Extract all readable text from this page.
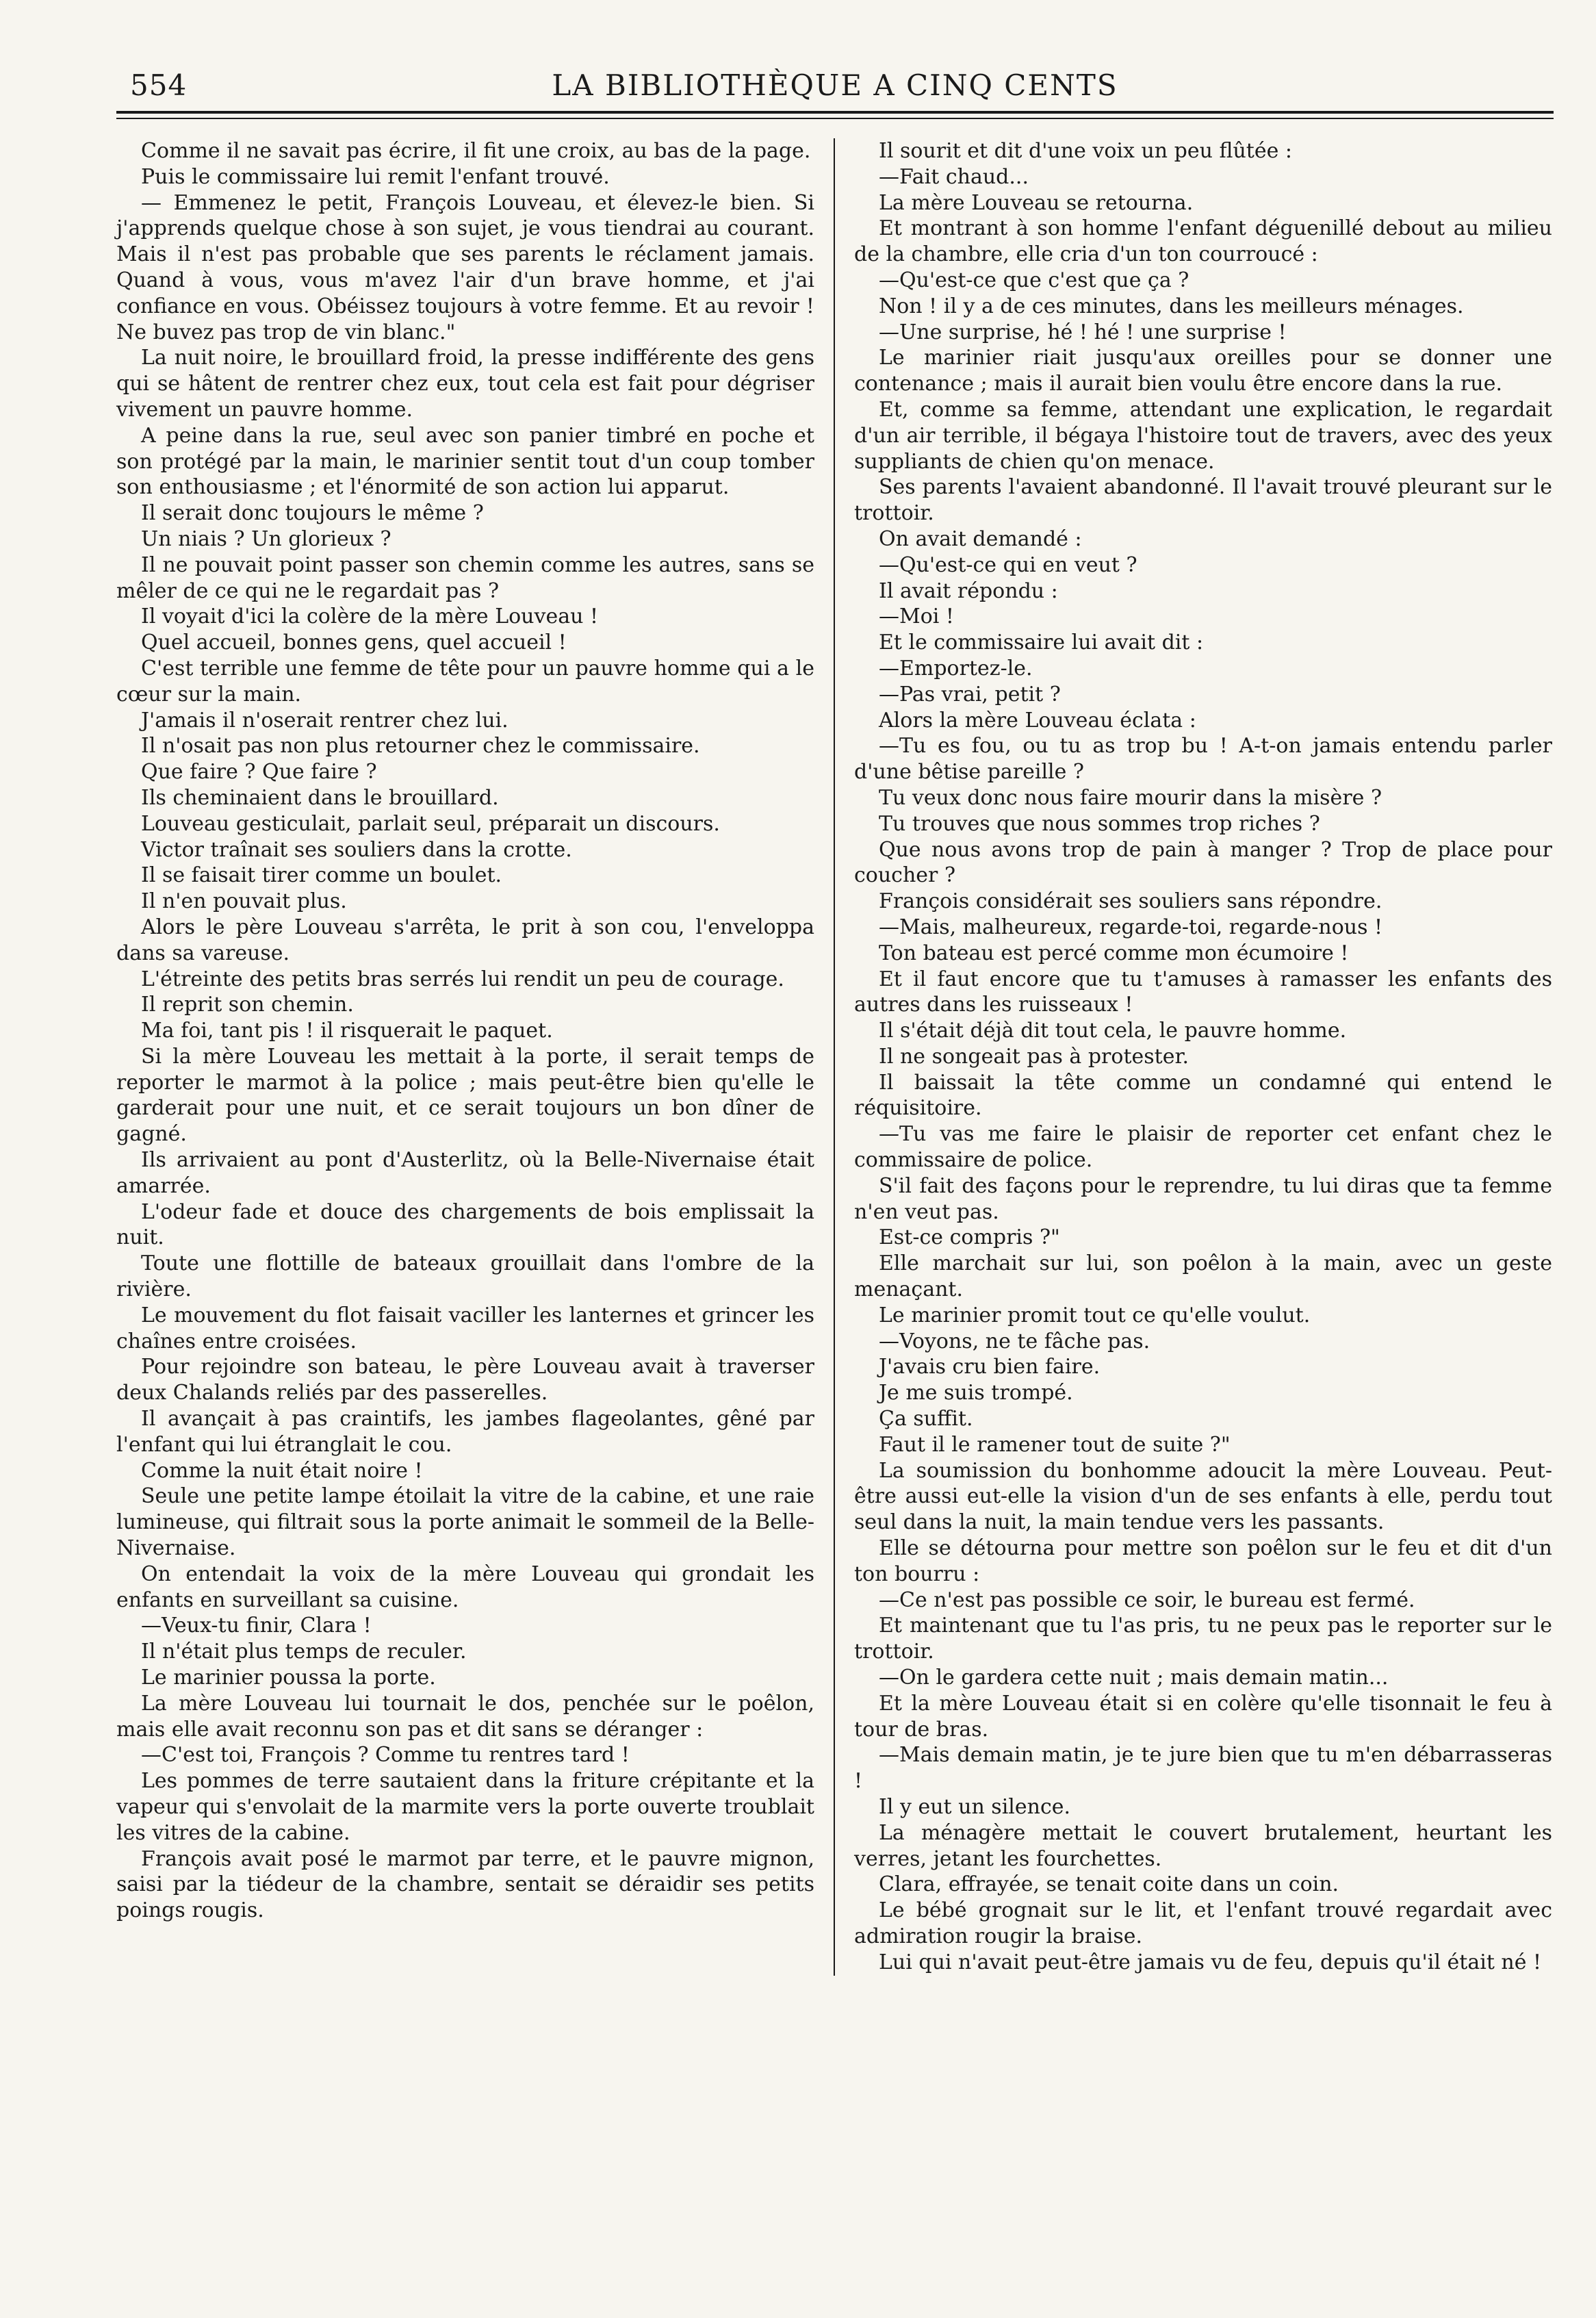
554	LA BIBLIOTHÈQUE A CINQ CENTS

Comme il ne savait pas écrire, il fit une croix, au bas de la page.

Puis le commissaire lui remit l'enfant trouvé.

— Emmenez le petit, François Louveau, et élevez-le bien. Si j'apprends quelque chose à son sujet, je vous tiendrai au courant. Mais il n'est pas probable que ses parents le réclament jamais. Quand à vous, vous m'avez l'air d'un brave homme, et j'ai confiance en vous. Obéissez toujours à votre femme. Et au revoir ! Ne buvez pas trop de vin blanc."

La nuit noire, le brouillard froid, la presse indifférente des gens qui se hâtent de rentrer chez eux, tout cela est fait pour dégriser vivement un pauvre homme.

A peine dans la rue, seul avec son panier timbré en poche et son protégé par la main, le marinier sentit tout d'un coup tomber son enthousiasme ; et l'énormité de son action lui apparut.

Il serait donc toujours le même ?

Un niais ? Un glorieux ?

Il ne pouvait point passer son chemin comme les autres, sans se mêler de ce qui ne le regardait pas ?

Il voyait d'ici la colère de la mère Louveau !

Quel accueil, bonnes gens, quel accueil !

C'est terrible une femme de tête pour un pauvre homme qui a le cœur sur la main.

J'amais il n'oserait rentrer chez lui.

Il n'osait pas non plus retourner chez le commissaire.

Que faire ? Que faire ?

Ils cheminaient dans le brouillard.

Louveau gesticulait, parlait seul, préparait un discours.

Victor traînait ses souliers dans la crotte.

Il se faisait tirer comme un boulet.

Il n'en pouvait plus.

Alors le père Louveau s'arrêta, le prit à son cou, l'enveloppa dans sa vareuse.

L'étreinte des petits bras serrés lui rendit un peu de courage.

Il reprit son chemin.

Ma foi, tant pis ! il risquerait le paquet.

Si la mère Louveau les mettait à la porte, il serait temps de reporter le marmot à la police ; mais peut-être bien qu'elle le garderait pour une nuit, et ce serait toujours un bon dîner de gagné.

Ils arrivaient au pont d'Austerlitz, où la Belle-Nivernaise était amarrée.

L'odeur fade et douce des chargements de bois emplissait la nuit.

Toute une flottille de bateaux grouillait dans l'ombre de la rivière.

Le mouvement du flot faisait vaciller les lanternes et grincer les chaînes entre croisées.

Pour rejoindre son bateau, le père Louveau avait à traverser deux Chalands reliés par des passerelles.

Il avançait à pas craintifs, les jambes flageolantes, gêné par l'enfant qui lui étranglait le cou.

Comme la nuit était noire !

Seule une petite lampe étoilait la vitre de la cabine, et une raie lumineuse, qui filtrait sous la porte animait le sommeil de la Belle-Nivernaise.

On entendait la voix de la mère Louveau qui grondait les enfants en surveillant sa cuisine.

—Veux-tu finir, Clara !

Il n'était plus temps de reculer.

Le marinier poussa la porte.

La mère Louveau lui tournait le dos, penchée sur le poêlon, mais elle avait reconnu son pas et dit sans se déranger :

—C'est toi, François ? Comme tu rentres tard !

Les pommes de terre sautaient dans la friture crépitante et la vapeur qui s'envolait de la marmite vers la porte ouverte troublait les vitres de la cabine.

François avait posé le marmot par terre, et le pauvre mignon, saisi par la tiédeur de la chambre, sentait se déraidir ses petits poings rougis.

Il sourit et dit d'une voix un peu flûtée :

—Fait chaud...

La mère Louveau se retourna.

Et montrant à son homme l'enfant déguenillé debout au milieu de la chambre, elle cria d'un ton courroucé :

—Qu'est-ce que c'est que ça ?

Non ! il y a de ces minutes, dans les meilleurs ménages.

—Une surprise, hé ! hé ! une surprise !

Le marinier riait jusqu'aux oreilles pour se donner une contenance ; mais il aurait bien voulu être encore dans la rue.

Et, comme sa femme, attendant une explication, le regardait d'un air terrible, il bégaya l'histoire tout de travers, avec des yeux suppliants de chien qu'on menace.

Ses parents l'avaient abandonné. Il l'avait trouvé pleurant sur le trottoir.

On avait demandé :

—Qu'est-ce qui en veut ?

Il avait répondu :

—Moi !

Et le commissaire lui avait dit :

—Emportez-le.

—Pas vrai, petit ?

Alors la mère Louveau éclata :

—Tu es fou, ou tu as trop bu ! A-t-on jamais entendu parler d'une bêtise pareille ?

Tu veux donc nous faire mourir dans la misère ?

Tu trouves que nous sommes trop riches ?

Que nous avons trop de pain à manger ? Trop de place pour coucher ?

François considérait ses souliers sans répondre.

—Mais, malheureux, regarde-toi, regarde-nous !

Ton bateau est percé comme mon écumoire !

Et il faut encore que tu t'amuses à ramasser les enfants des autres dans les ruisseaux !

Il s'était déjà dit tout cela, le pauvre homme.

Il ne songeait pas à protester.

Il baissait la tête comme un condamné qui entend le réquisitoire.

—Tu vas me faire le plaisir de reporter cet enfant chez le commissaire de police.

S'il fait des façons pour le reprendre, tu lui diras que ta femme n'en veut pas.

Est-ce compris ?"

Elle marchait sur lui, son poêlon à la main, avec un geste menaçant.

Le marinier promit tout ce qu'elle voulut.

—Voyons, ne te fâche pas.

J'avais cru bien faire.

Je me suis trompé.

Ça suffit.

Faut il le ramener tout de suite ?"

La soumission du bonhomme adoucit la mère Louveau. Peut-être aussi eut-elle la vision d'un de ses enfants à elle, perdu tout seul dans la nuit, la main tendue vers les passants.

Elle se détourna pour mettre son poêlon sur le feu et dit d'un ton bourru :

—Ce n'est pas possible ce soir, le bureau est fermé.

Et maintenant que tu l'as pris, tu ne peux pas le reporter sur le trottoir.

—On le gardera cette nuit ; mais demain matin...

Et la mère Louveau était si en colère qu'elle tisonnait le feu à tour de bras.

—Mais demain matin, je te jure bien que tu m'en débarrasseras !

Il y eut un silence.

La ménagère mettait le couvert brutalement, heurtant les verres, jetant les fourchettes.

Clara, effrayée, se tenait coite dans un coin.

Le bébé grognait sur le lit, et l'enfant trouvé regardait avec admiration rougir la braise.

Lui qui n'avait peut-être jamais vu de feu, depuis qu'il était né !
